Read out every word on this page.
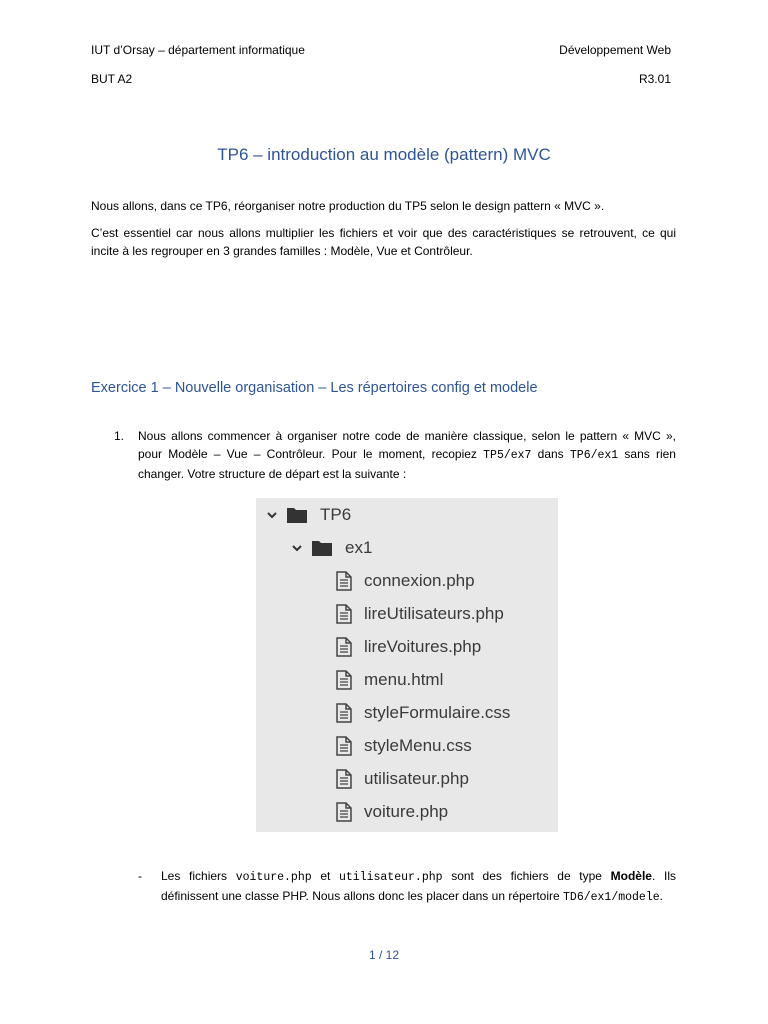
IUT d’Orsay – département informatique	Développement Web
BUT A2	R3.01
TP6 – introduction au modèle (pattern) MVC
Nous allons, dans ce TP6, réorganiser notre production du TP5 selon le design pattern « MVC ».
C’est essentiel car nous allons multiplier les fichiers et voir que des caractéristiques se retrouvent, ce qui incite à les regrouper en 3 grandes familles : Modèle, Vue et Contrôleur.
Exercice 1 – Nouvelle organisation – Les répertoires config et modele
1. Nous allons commencer à organiser notre code de manière classique, selon le pattern « MVC », pour Modèle – Vue – Contrôleur. Pour le moment, recopiez TP5/ex7 dans TP6/ex1 sans rien changer. Votre structure de départ est la suivante :
TP6
ex1
connexion.php
lireUtilisateurs.php
lireVoitures.php
menu.html
styleFormulaire.css
styleMenu.css
utilisateur.php
voiture.php
- Les fichiers voiture.php et utilisateur.php sont des fichiers de type Modèle. Ils définissent une classe PHP. Nous allons donc les placer dans un répertoire TD6/ex1/modele.
1 / 12
